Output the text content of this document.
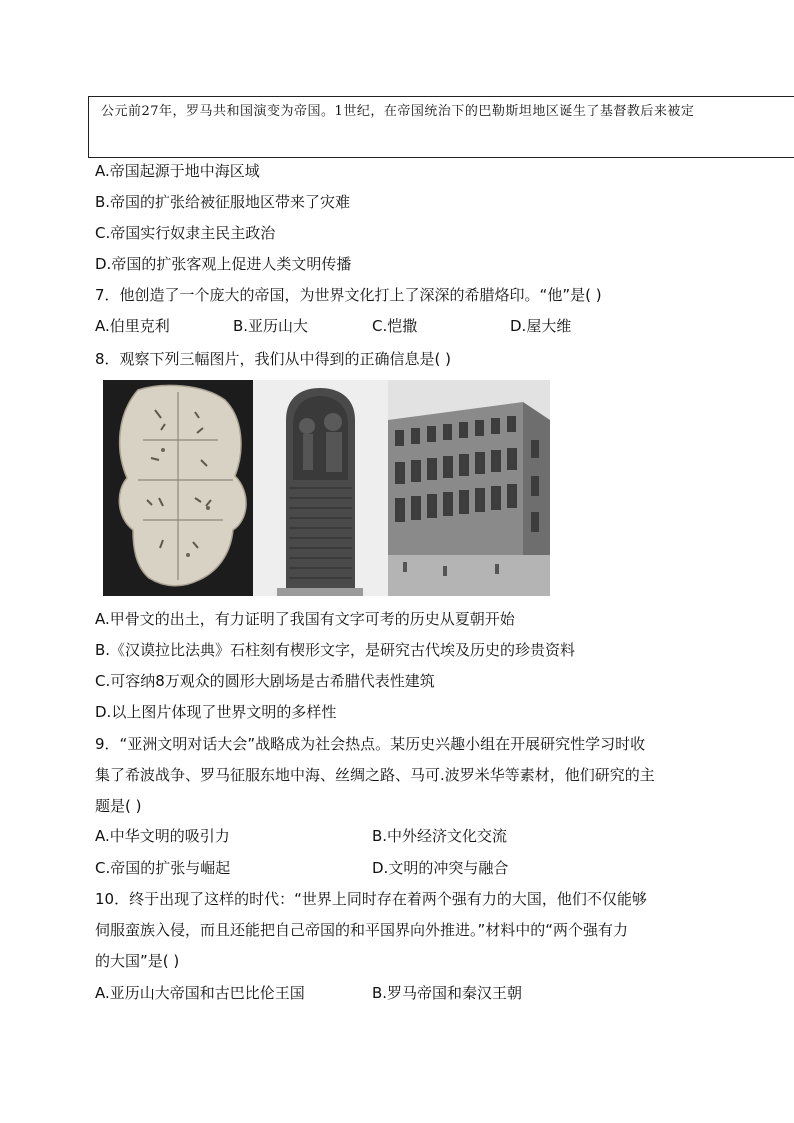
公元前27年，罗马共和国演变为帝国。1世纪，在帝国统治下的巴勒斯坦地区诞生了基督教后来被定
A.帝国起源于地中海区域
B.帝国的扩张给被征服地区带来了灾难
C.帝国实行奴隶主民主政治
D.帝国的扩张客观上促进人类文明传播
7．他创造了一个庞大的帝国，为世界文化打上了深深的希腊烙印。“他”是( )
A.伯里克利	B.亚历山大	C.恺撒	D.屋大维
8．观察下列三幅图片，我们从中得到的正确信息是( )
A.甲骨文的出土，有力证明了我国有文字可考的历史从夏朝开始
B.《汉谟拉比法典》石柱刻有楔形文字，是研究古代埃及历史的珍贵资料
C.可容纳8万观众的圆形大剧场是古希腊代表性建筑
D.以上图片体现了世界文明的多样性
9．“亚洲文明对话大会”战略成为社会热点。某历史兴趣小组在开展研究性学习时收
集了希波战争、罗马征服东地中海、丝绸之路、马可.波罗米华等素材，他们研究的主
题是( )
A.中华文明的吸引力	B.中外经济文化交流
C.帝国的扩张与崛起	D.文明的冲突与融合
10．终于出现了这样的时代：“世界上同时存在着两个强有力的大国，他们不仅能够
伺服蛮族入侵，而且还能把自己帝国的和平国界向外推进。”材料中的“两个强有力
的大国”是( )
A.亚历山大帝国和古巴比伦王国	B.罗马帝国和秦汉王朝
